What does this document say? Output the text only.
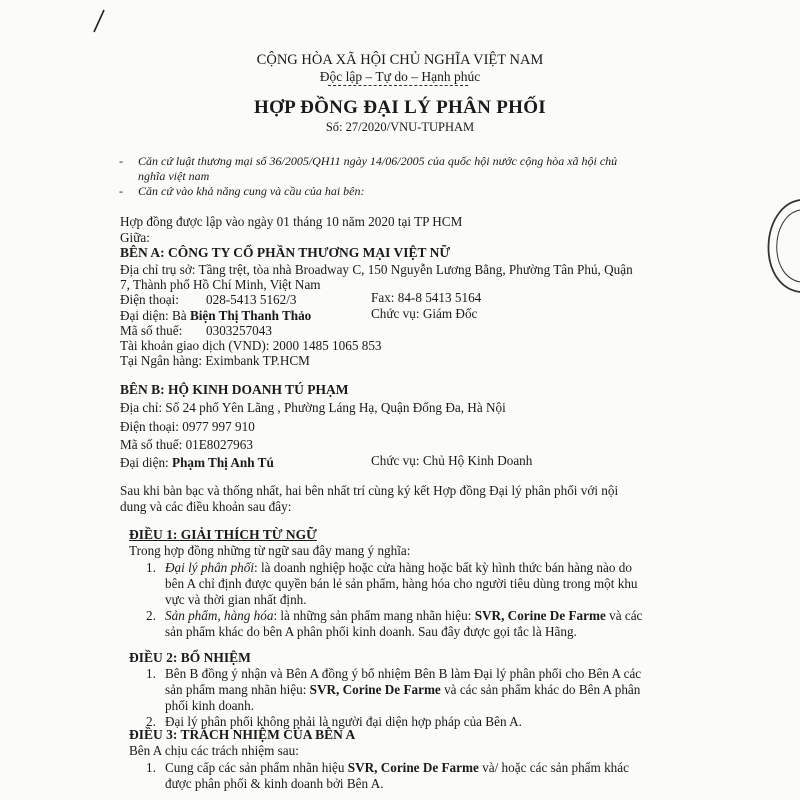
CỘNG HÒA XÃ HỘI CHỦ NGHĨA VIỆT NAM
Độc lập – Tự do – Hạnh phúc
HỢP ĐỒNG ĐẠI LÝ PHÂN PHỐI
Số: 27/2020/VNU-TUPHAM
- Căn cứ luật thương mại số 36/2005/QH11 ngày 14/06/2005 của quốc hội nước cộng hòa xã hội chủ
nghĩa việt nam
- Căn cứ vào khả năng cung và cầu của hai bên:
Hợp đồng được lập vào ngày 01 tháng 10 năm 2020 tại TP HCM
Giữa:
BÊN A: CÔNG TY CỔ PHẦN THƯƠNG MẠI VIỆT NỮ
Địa chỉ trụ sở: Tầng trệt, tòa nhà Broadway C, 150 Nguyễn Lương Bằng, Phường Tân Phú, Quận
7, Thành phố Hồ Chí Minh, Việt Nam
Điện thoại: 028-5413 5162/3	Fax: 84-8 5413 5164
Đại diện: Bà Biện Thị Thanh Thảo	Chức vụ: Giám Đốc
Mã số thuế: 0303257043
Tài khoản giao dịch (VND): 2000 1485 1065 853
Tại Ngân hàng: Eximbank TP.HCM
BÊN B: HỘ KINH DOANH TÚ PHẠM
Địa chỉ: Số 24 phố Yên Lãng , Phường Láng Hạ, Quận Đống Đa, Hà Nội
Điện thoại: 0977 997 910
Mã số thuế: 01E8027963
Đại diện: Phạm Thị Anh Tú	Chức vụ: Chủ Hộ Kinh Doanh
Sau khi bàn bạc và thống nhất, hai bên nhất trí cùng ký kết Hợp đồng Đại lý phân phối với nội
dung và các điều khoản sau đây:
ĐIỀU 1: GIẢI THÍCH TỪ NGỮ
Trong hợp đồng những từ ngữ sau đây mang ý nghĩa:
1. Đại lý phân phối: là doanh nghiệp hoặc cửa hàng hoặc bất kỳ hình thức bán hàng nào do
bên A chỉ định được quyền bán lẻ sản phẩm, hàng hóa cho người tiêu dùng trong một khu
vực và thời gian nhất định.
2. Sản phẩm, hàng hóa: là những sản phẩm mang nhãn hiệu: SVR, Corine De Farme và các
sản phẩm khác do bên A phân phối kinh doanh. Sau đây được gọi tắc là Hãng.
ĐIỀU 2: BỔ NHIỆM
1. Bên B đồng ý nhận và Bên A đồng ý bổ nhiệm Bên B làm Đại lý phân phối cho Bên A các
sản phẩm mang nhãn hiệu: SVR, Corine De Farme và các sản phẩm khác do Bên A phân
phối kinh doanh.
2. Đại lý phân phối không phải là người đại diện hợp pháp của Bên A.
ĐIỀU 3: TRÁCH NHIỆM CỦA BÊN A
Bên A chịu các trách nhiệm sau:
1. Cung cấp các sản phẩm nhãn hiệu SVR, Corine De Farme và/ hoặc các sản phẩm khác
được phân phối & kinh doanh bởi Bên A.
